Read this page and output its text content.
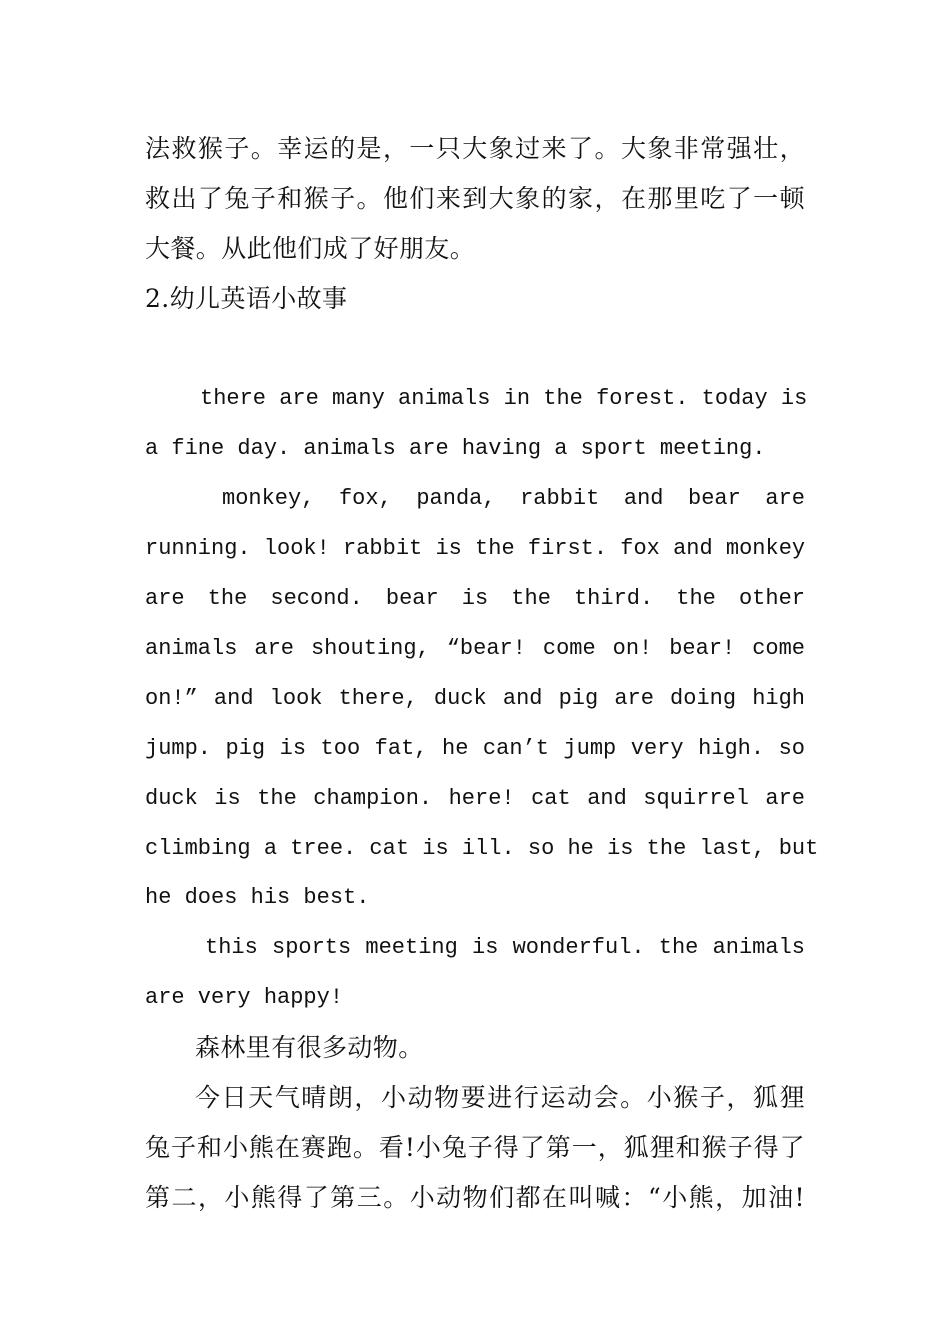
法救猴子。幸运的是，一只大象过来了。大象非常强壮，
救出了兔子和猴子。他们来到大象的家，在那里吃了一顿
大餐。从此他们成了好朋友。
2.幼儿英语小故事
there are many animals in the forest. today is
a fine day. animals are having a sport meeting.
monkey, fox, panda, rabbit and bear are
running. look! rabbit is the first. fox and monkey
are the second. bear is the third. the other
animals are shouting, “bear! come on! bear! come
on!” and look there, duck and pig are doing high
jump. pig is too fat, he can’t jump very high. so
duck is the champion. here! cat and squirrel are
climbing a tree. cat is ill. so he is the last, but
he does his best.
this sports meeting is wonderful. the animals
are very happy!
森林里有很多动物。
今日天气晴朗，小动物要进行运动会。小猴子，狐狸
兔子和小熊在赛跑。看!小兔子得了第一，狐狸和猴子得了
第二，小熊得了第三。小动物们都在叫喊：“小熊，加油!
